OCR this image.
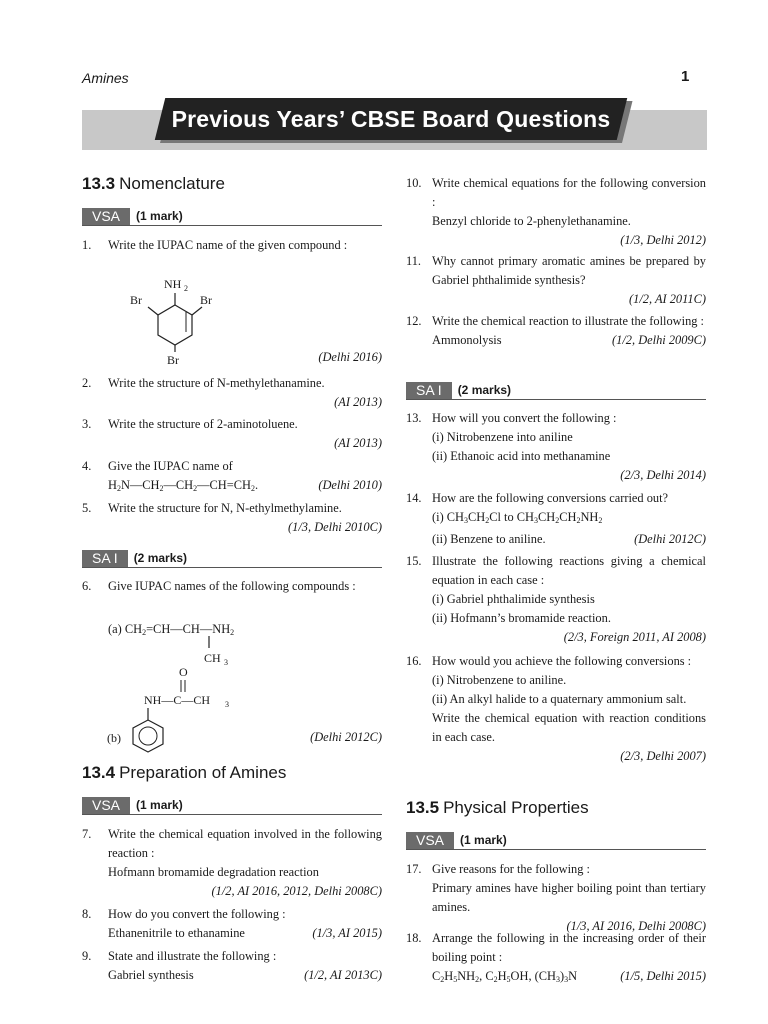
Amines	1
Previous Years’ CBSE Board Questions
13.3 Nomenclature
VSA (1 mark)
1. Write the IUPAC name of the given compound :
NH 2
Br	Br
Br	(Delhi 2016)
2. Write the structure of N-methylethanamine.
(AI 2013)
3. Write the structure of 2-aminotoluene.
(AI 2013)
4. Give the IUPAC name of
$H_2N—CH_2—CH_2—CH=CH_2$.	(Delhi 2010)
5. Write the structure for N, N-ethylmethylamine.
(1/3, Delhi 2010C)
SA I (2 marks)
6. Give IUPAC names of the following compounds :
(a) $CH_2=CH—CH—NH_2$
CH 3
O
NH—C—CH 3
(b)	(Delhi 2012C)
13.4 Preparation of Amines
VSA (1 mark)
7. Write the chemical equation involved in the following reaction :
Hofmann bromamide degradation reaction
(1/2, AI 2016, 2012, Delhi 2008C)
8. How do you convert the following :
Ethanenitrile to ethanamine	(1/3, AI 2015)
9. State and illustrate the following :
Gabriel synthesis	(1/2, AI 2013C)
10. Write chemical equations for the following conversion :
Benzyl chloride to 2-phenylethanamine.
(1/3, Delhi 2012)
11. Why cannot primary aromatic amines be prepared by Gabriel phthalimide synthesis?
(1/2, AI 2011C)
12. Write the chemical reaction to illustrate the following :
Ammonolysis	(1/2, Delhi 2009C)
SA I (2 marks)
13. How will you convert the following :
(i) Nitrobenzene into aniline
(ii) Ethanoic acid into methanamine
(2/3, Delhi 2014)
14. How are the following conversions carried out?
(i) $CH_3CH_2Cl$ to $CH_3CH_2CH_2NH_2$
(ii) Benzene to aniline.	(Delhi 2012C)
15. Illustrate the following reactions giving a chemical equation in each case :
(i) Gabriel phthalimide synthesis
(ii) Hofmann’s bromamide reaction.
(2/3, Foreign 2011, AI 2008)
16. How would you achieve the following conversions :
(i) Nitrobenzene to aniline.
(ii) An alkyl halide to a quaternary ammonium salt.
Write the chemical equation with reaction conditions in each case.
(2/3, Delhi 2007)
13.5 Physical Properties
VSA (1 mark)
17. Give reasons for the following :
Primary amines have higher boiling point than tertiary amines.
(1/3, AI 2016, Delhi 2008C)
18. Arrange the following in the increasing order of their boiling point :
$C_2H_5NH_2$, $C_2H_5OH$, $(CH_3)_3N$	(1/5, Delhi 2015)
